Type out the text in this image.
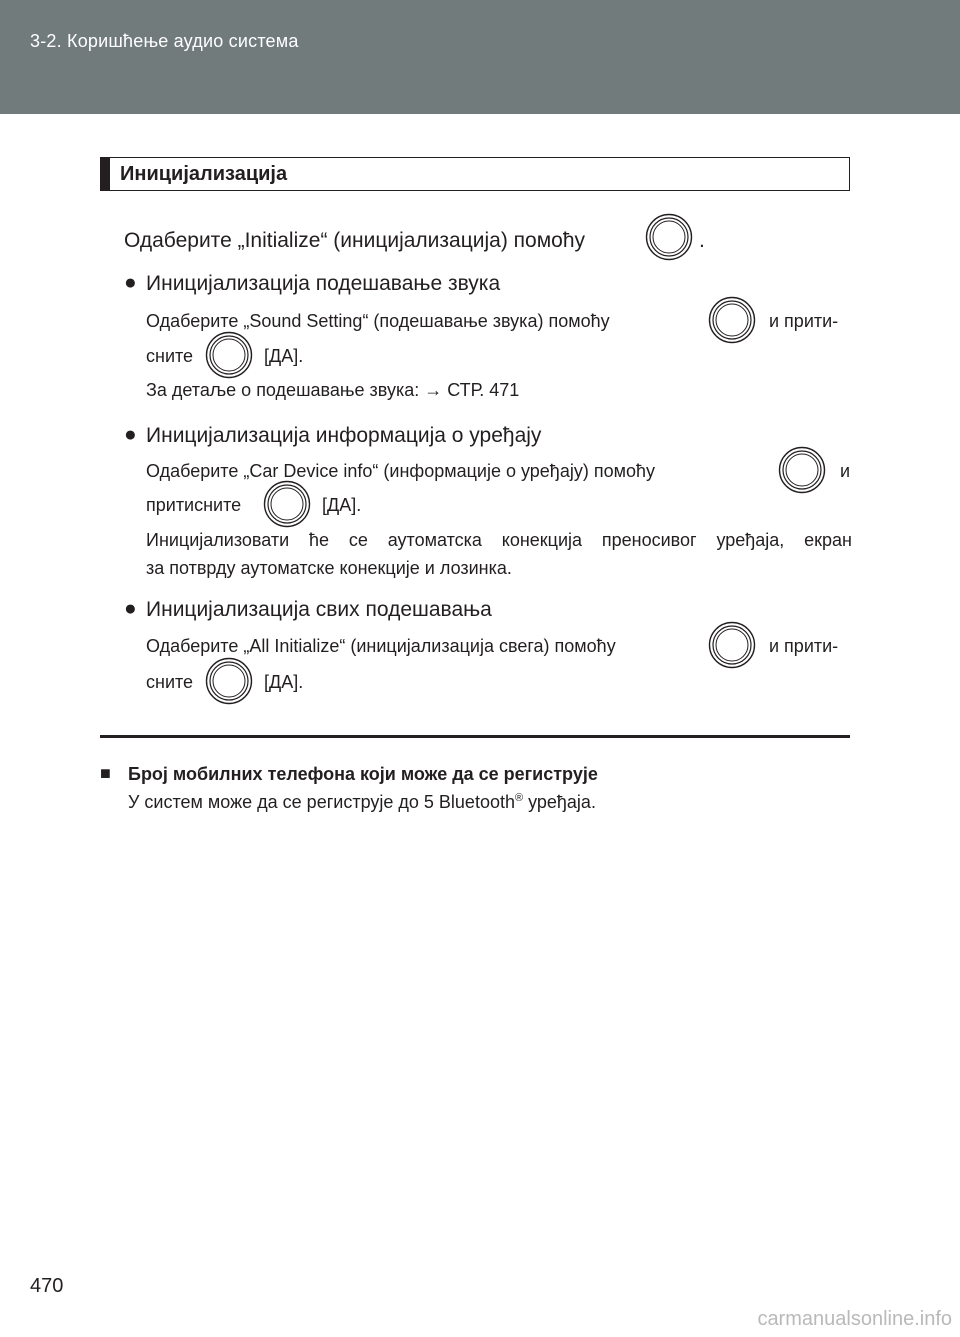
3-2. Коришћење аудио система
Иницијализација
Одаберите „Initialize“ (иницијализација) помоћу	.
● Иницијализација подешавање звука
Одаберите „Sound Setting“ (подешавање звука) помоћу	и прити-
сните	[ДА].
За детаље о подешавање звука: → СТР. 471
● Иницијализација информација о уређају
Одаберите „Car Device info“ (информације о уређају) помоћу	и
притисните	[ДА].
Иницијализовати ће се аутоматска конекција преносивог уређаја, екран
за потврду аутоматске конекције и лозинка.
● Иницијализација свих подешавања
Одаберите „All Initialize“ (иницијализација свега) помоћу	и прити-
сните	[ДА].
■ Број мобилних телефона који може да се региструје
У систем може да се региструје до 5 Bluetooth® уређаја.
470
carmanualsonline.info
